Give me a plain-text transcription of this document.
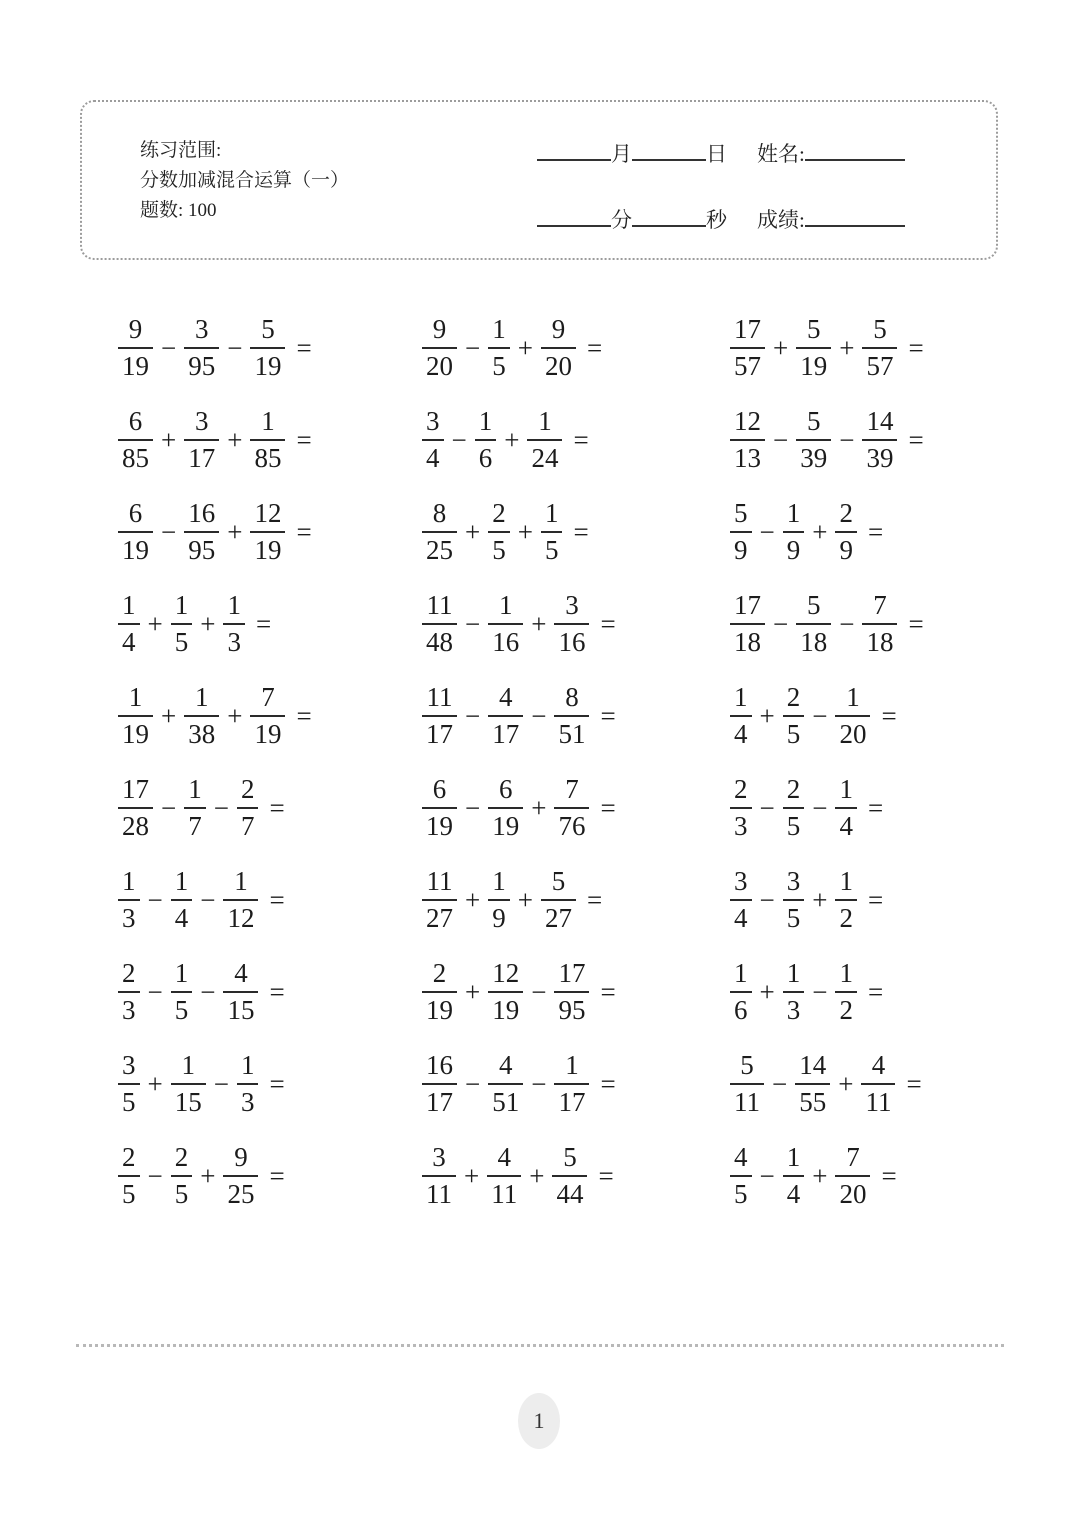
练习范围:
分数加减混合运算（一）
题数: 100
月	日 姓名:
分	秒 成绩:
$\frac{9}{19} - \frac{3}{95} - \frac{5}{19}$ =	$\frac{9}{20} - \frac{1}{5} + \frac{9}{20}$ =	$\frac{17}{57} + \frac{5}{19} + \frac{5}{57}$ =
$\frac{6}{85} + \frac{3}{17} + \frac{1}{85}$ =	$\frac{3}{4} - \frac{1}{6} + \frac{1}{24}$ =	$\frac{12}{13} - \frac{5}{39} - \frac{14}{39}$ =
$\frac{6}{19} - \frac{16}{95} + \frac{12}{19}$ =	$\frac{8}{25} + \frac{2}{5} + \frac{1}{5}$ =	$\frac{5}{9} - \frac{1}{9} + \frac{2}{9}$ =
$\frac{1}{4} + \frac{1}{5} + \frac{1}{3}$ =	$\frac{11}{48} - \frac{1}{16} + \frac{3}{16}$ =	$\frac{17}{18} - \frac{5}{18} - \frac{7}{18}$ =
$\frac{1}{19} + \frac{1}{38} + \frac{7}{19}$ =	$\frac{11}{17} - \frac{4}{17} - \frac{8}{51}$ =	$\frac{1}{4} + \frac{2}{5} - \frac{1}{20}$ =
$\frac{17}{28} - \frac{1}{7} - \frac{2}{7}$ =	$\frac{6}{19} - \frac{6}{19} + \frac{7}{76}$ =	$\frac{2}{3} - \frac{2}{5} - \frac{1}{4}$ =
$\frac{1}{3} - \frac{1}{4} - \frac{1}{12}$ =	$\frac{11}{27} + \frac{1}{9} + \frac{5}{27}$ =	$\frac{3}{4} - \frac{3}{5} + \frac{1}{2}$ =
$\frac{2}{3} - \frac{1}{5} - \frac{4}{15}$ =	$\frac{2}{19} + \frac{12}{19} - \frac{17}{95}$ =	$\frac{1}{6} + \frac{1}{3} - \frac{1}{2}$ =
$\frac{3}{5} + \frac{1}{15} - \frac{1}{3}$ =	$\frac{16}{17} - \frac{4}{51} - \frac{1}{17}$ =	$\frac{5}{11} - \frac{14}{55} + \frac{4}{11}$ =
$\frac{2}{5} - \frac{2}{5} + \frac{9}{25}$ =	$\frac{3}{11} + \frac{4}{11} + \frac{5}{44}$ =	$\frac{4}{5} - \frac{1}{4} + \frac{7}{20}$ =
1
